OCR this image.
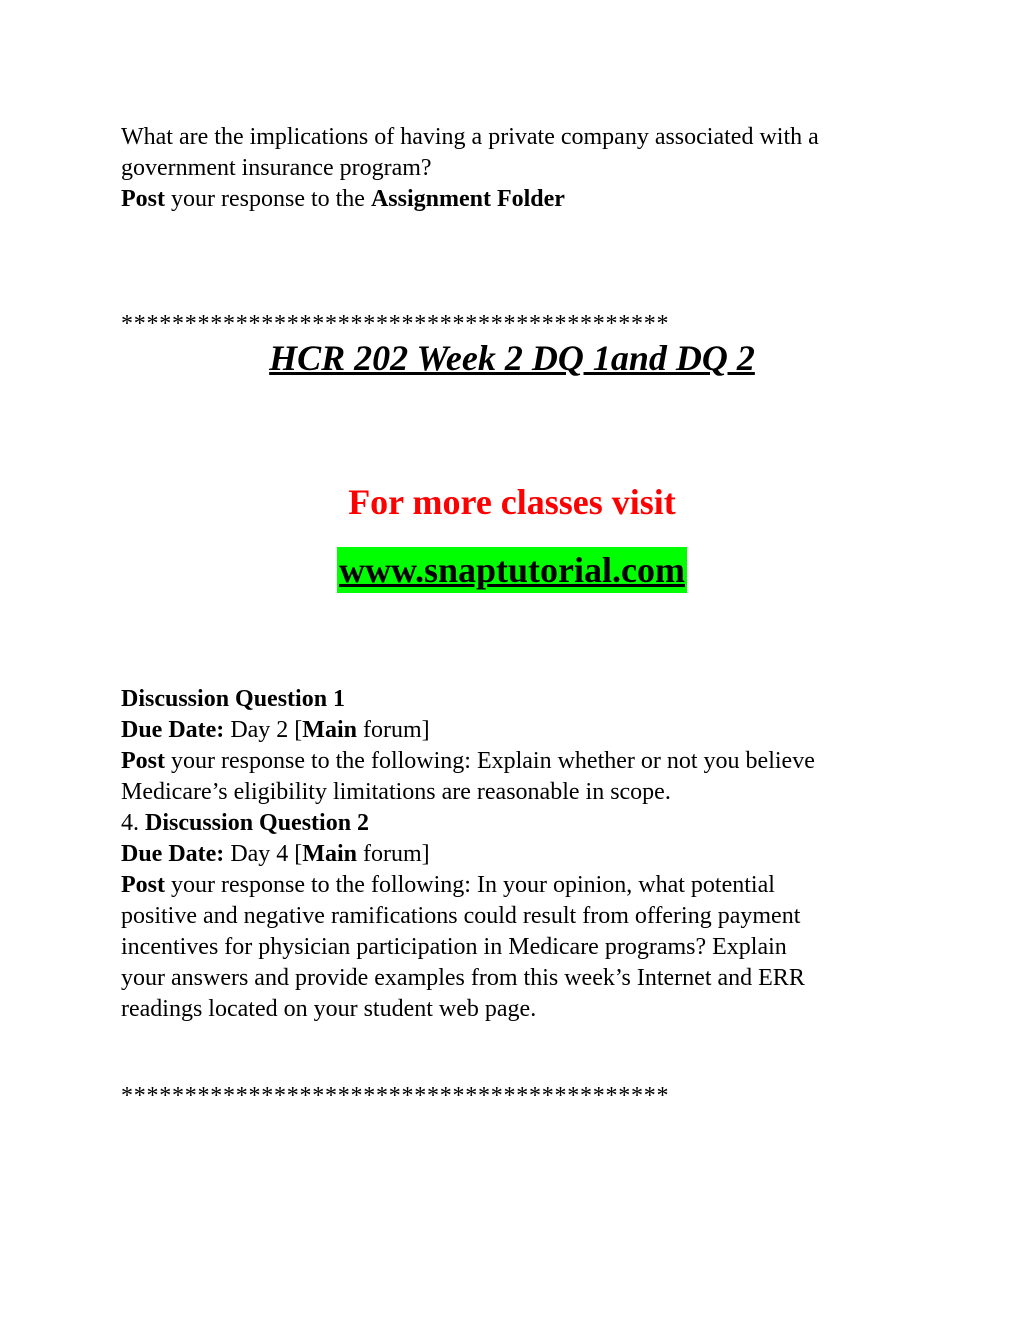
What are the implications of having a private company associated with a

government insurance program?

Post your response to the Assignment Folder

*******************************************

HCR 202 Week 2 DQ 1and DQ 2

For more classes visit

www.snaptutorial.com

Discussion Question 1

Due Date: Day 2 [Main forum]

Post your response to the following: Explain whether or not you believe

Medicare’s eligibility limitations are reasonable in scope.

4. Discussion Question 2

Due Date: Day 4 [Main forum]

Post your response to the following: In your opinion, what potential

positive and negative ramifications could result from offering payment

incentives for physician participation in Medicare programs? Explain

your answers and provide examples from this week’s Internet and ERR

readings located on your student web page.

*******************************************
